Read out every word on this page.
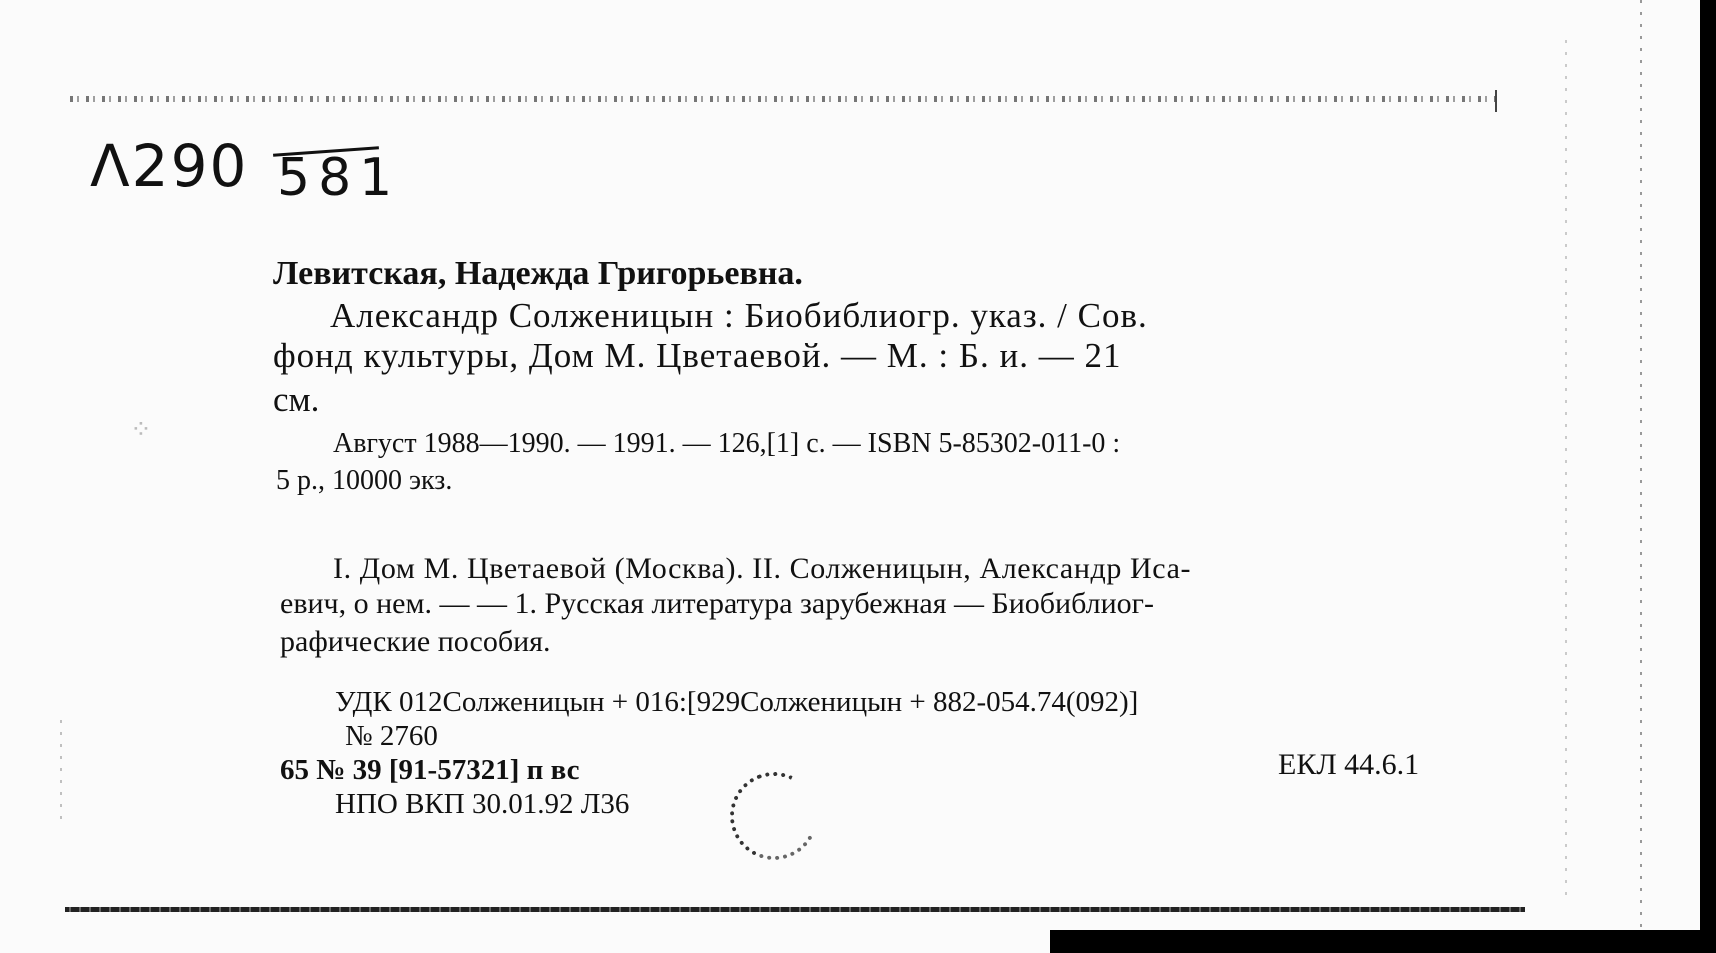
Λ290 581
⁘
Левитская, Надежда Григорьевна.
Александр Солженицын : Биобиблиогр. указ. / Сов.
фонд культуры, Дом М. Цветаевой. — М. : Б. и. — 21
см.
Август 1988—1990. — 1991. — 126,[1] с. — ISBN 5-85302-011-0 :
5 р., 10000 экз.
I. Дом М. Цветаевой (Москва). II. Солженицын, Александр Иса-
евич, о нем. — — 1. Русская литература зарубежная — Биобиблиог-
рафические пособия.
УДК 012Солженицын + 016:[929Солженицын + 882-054.74(092)]
№ 2760
65 № 39 [91-57321] п вс
НПО ВКП 30.01.92 Л36
ЕКЛ 44.6.1
